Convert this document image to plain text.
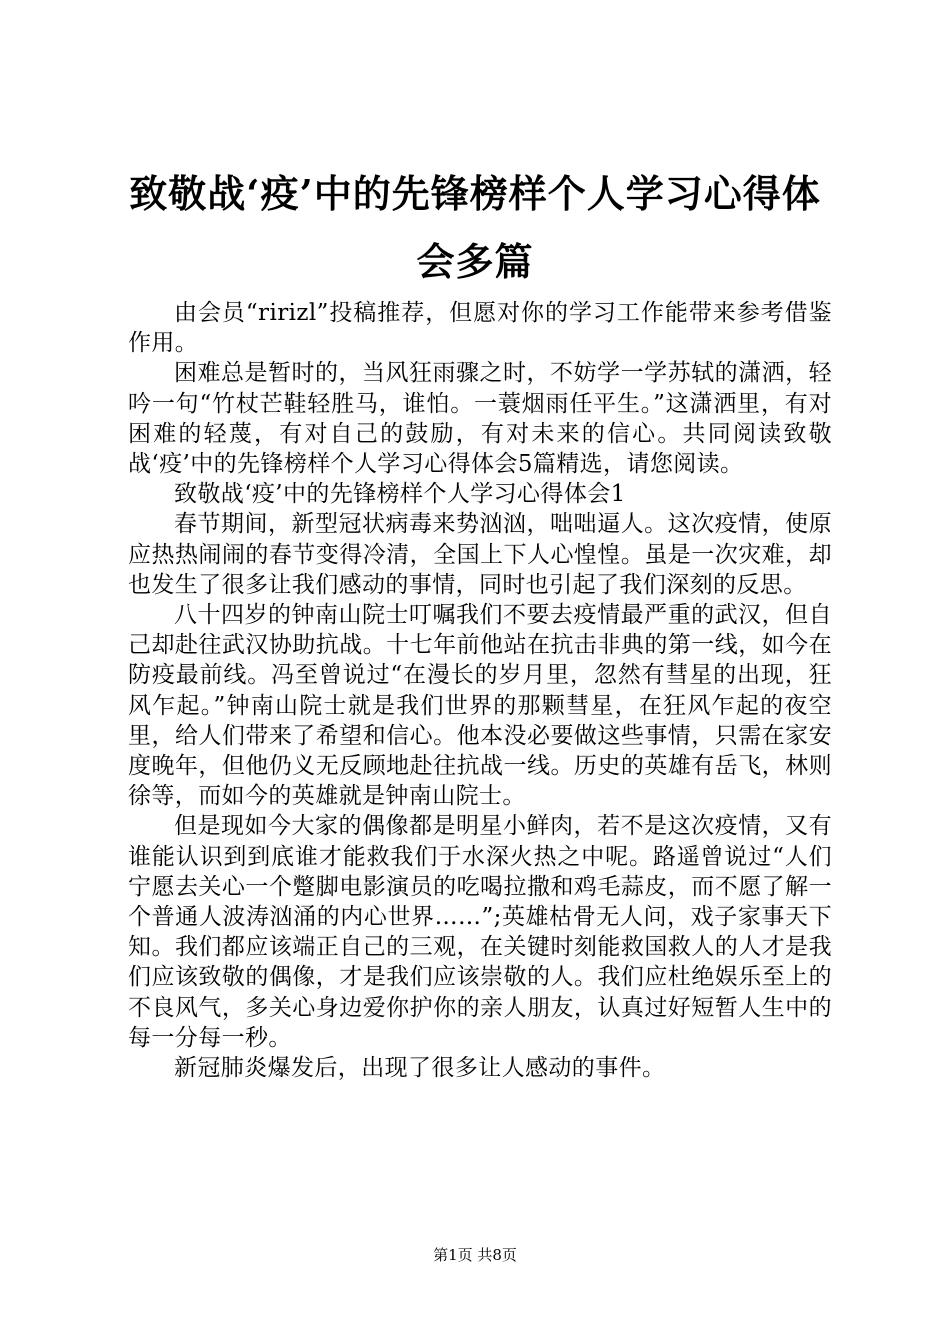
致敬战‘疫’中的先锋榜样个人学习心得体会多篇

由会员“ririzl”投稿推荐，但愿对你的学习工作能带来参考借鉴作用。

困难总是暂时的，当风狂雨骤之时，不妨学一学苏轼的潇洒，轻吟一句“竹杖芒鞋轻胜马，谁怕。一蓑烟雨任平生。”这潇洒里，有对困难的轻蔑，有对自己的鼓励，有对未来的信心。共同阅读致敬战‘疫’中的先锋榜样个人学习心得体会5篇精选，请您阅读。

致敬战‘疫’中的先锋榜样个人学习心得体会1

春节期间，新型冠状病毒来势汹汹，咄咄逼人。这次疫情，使原应热热闹闹的春节变得冷清，全国上下人心惶惶。虽是一次灾难，却也发生了很多让我们感动的事情，同时也引起了我们深刻的反思。

八十四岁的钟南山院士叮嘱我们不要去疫情最严重的武汉，但自己却赴往武汉协助抗战。十七年前他站在抗击非典的第一线，如今在防疫最前线。冯至曾说过“在漫长的岁月里，忽然有彗星的出现，狂风乍起。”钟南山院士就是我们世界的那颗彗星，在狂风乍起的夜空里，给人们带来了希望和信心。他本没必要做这些事情，只需在家安度晚年，但他仍义无反顾地赴往抗战一线。历史的英雄有岳飞，林则徐等，而如今的英雄就是钟南山院士。

但是现如今大家的偶像都是明星小鲜肉，若不是这次疫情，又有谁能认识到到底谁才能救我们于水深火热之中呢。路遥曾说过“人们宁愿去关心一个蹩脚电影演员的吃喝拉撒和鸡毛蒜皮，而不愿了解一个普通人波涛汹涌的内心世界……”;英雄枯骨无人问，戏子家事天下知。我们都应该端正自己的三观，在关键时刻能救国救人的人才是我们应该致敬的偶像，才是我们应该崇敬的人。我们应杜绝娱乐至上的不良风气，多关心身边爱你护你的亲人朋友，认真过好短暂人生中的每一分每一秒。

新冠肺炎爆发后，出现了很多让人感动的事件。

第1页 共8页
